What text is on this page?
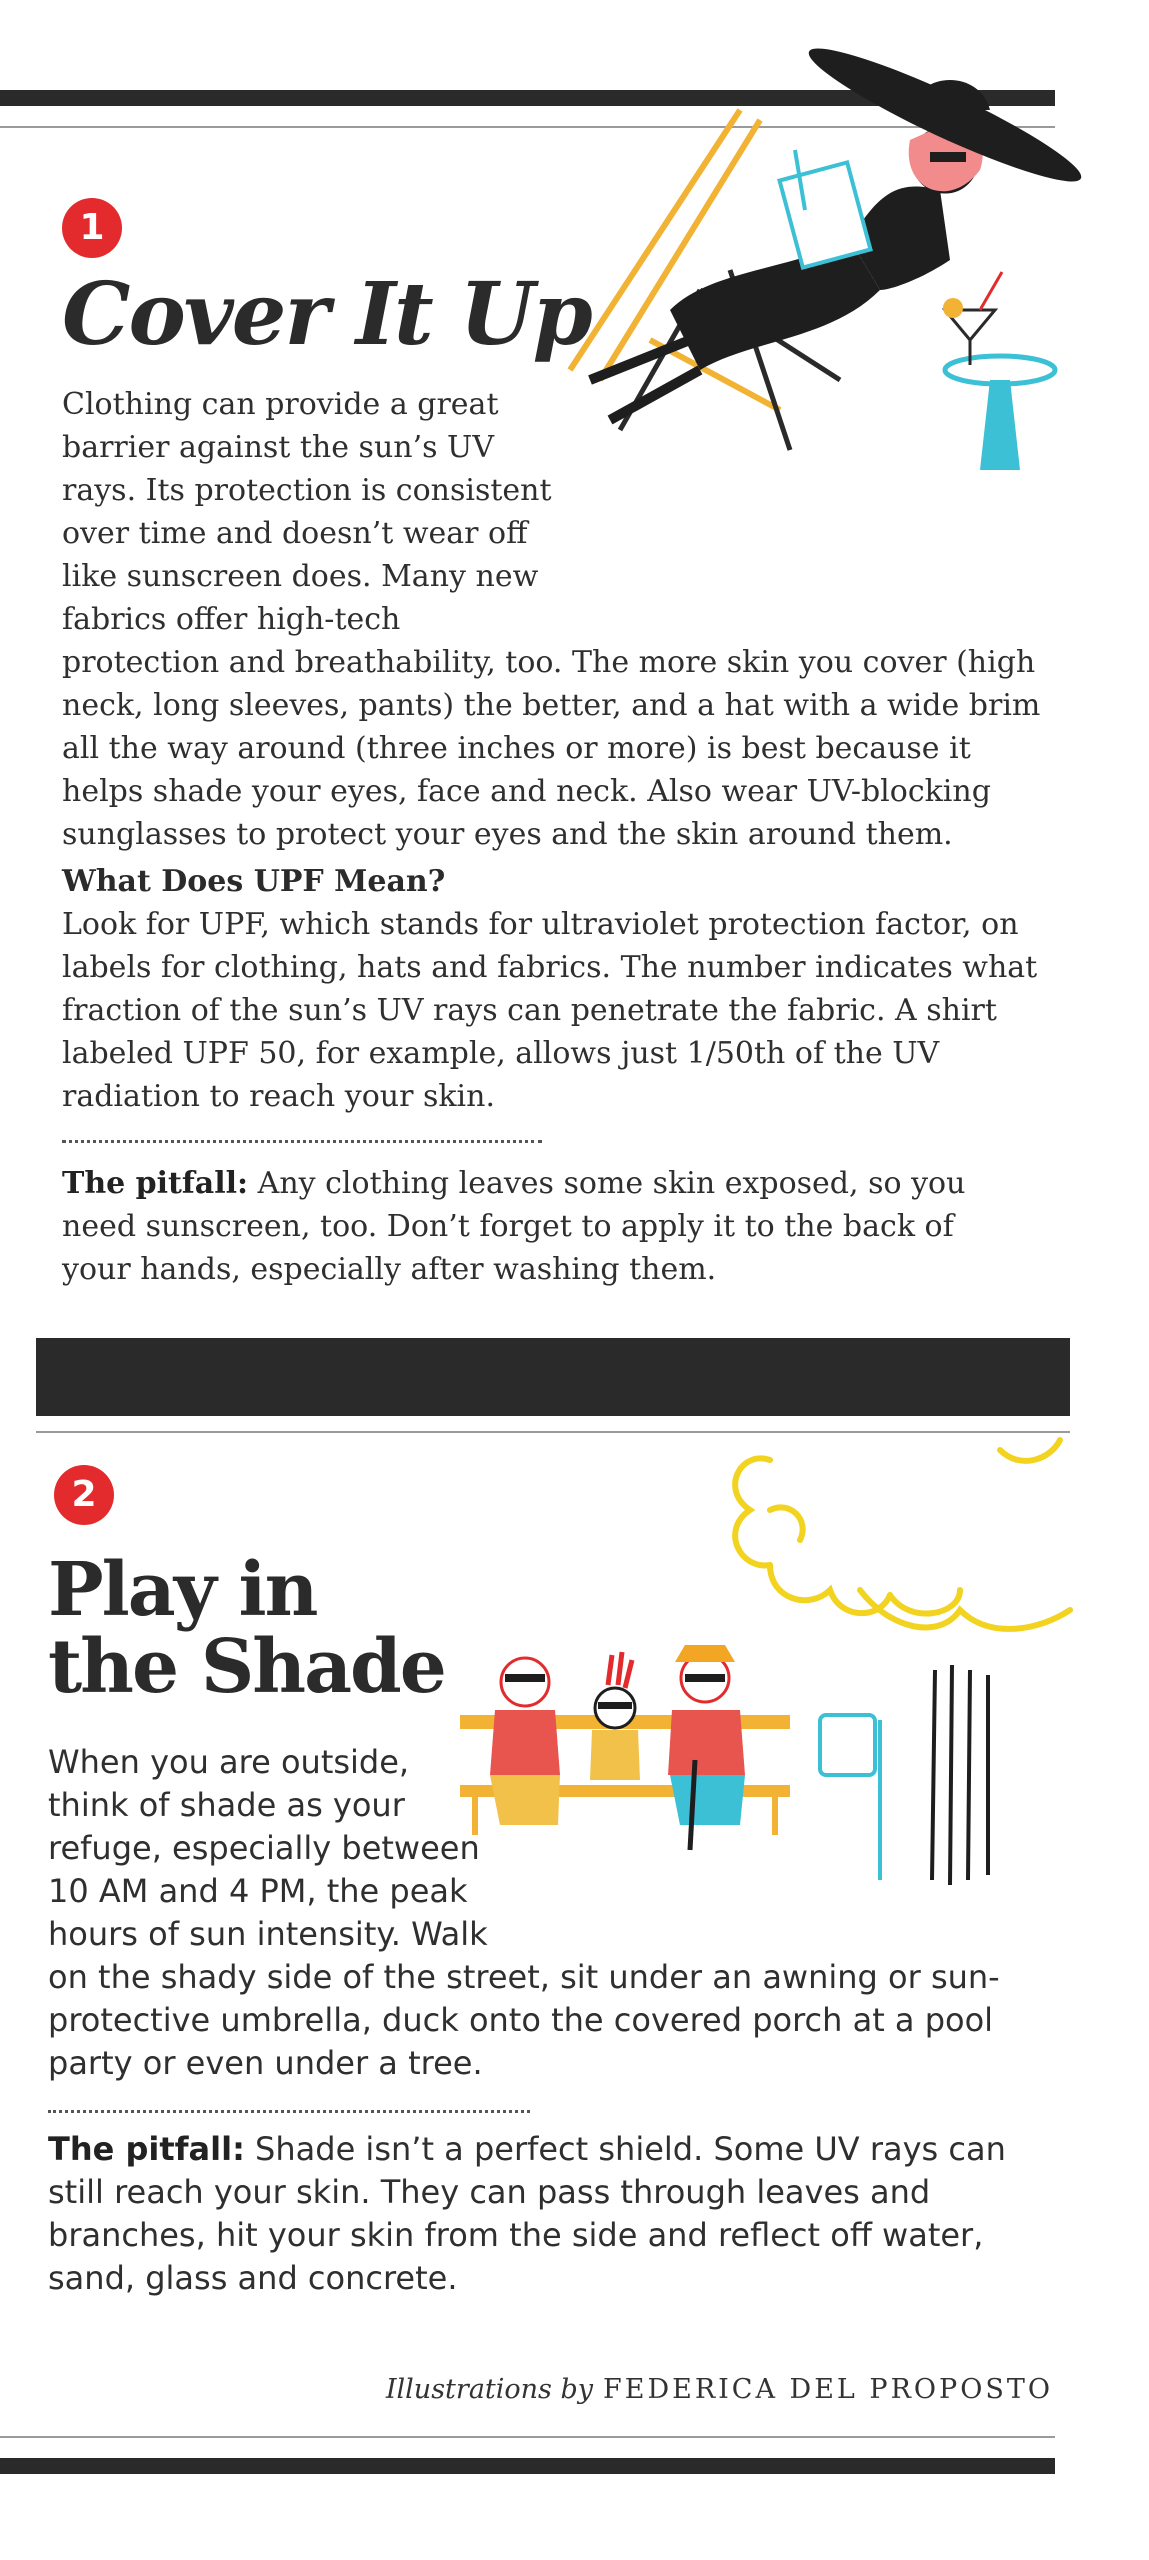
1
Cover It Up

Clothing can provide a great barrier against the sun’s UV rays. Its protection is consistent over time and doesn’t wear off like sunscreen does. Many new fabrics offer high-tech protection and breathability, too. The more skin you cover (high neck, long sleeves, pants) the better, and a hat with a wide brim all the way around (three inches or more) is best because it helps shade your eyes, face and neck. Also wear UV-blocking sunglasses to protect your eyes and the skin around them.

What Does UPF Mean?

Look for UPF, which stands for ultraviolet protection factor, on labels for clothing, hats and fabrics. The number indicates what fraction of the sun’s UV rays can penetrate the fabric. A shirt labeled UPF 50, for example, allows just 1/50th of the UV radiation to reach your skin.

The pitfall: Any clothing leaves some skin exposed, so you need sunscreen, too. Don’t forget to apply it to the back of your hands, especially after washing them.

2
Play in the Shade

When you are outside, think of shade as your refuge, especially between 10 AM and 4 PM, the peak hours of sun intensity. Walk on the shady side of the street, sit under an awning or sun-protective umbrella, duck onto the covered porch at a pool party or even under a tree.

The pitfall: Shade isn’t a perfect shield. Some UV rays can still reach your skin. They can pass through leaves and branches, hit your skin from the side and reflect off water, sand, glass and concrete.

Illustrations by FEDERICA DEL PROPOSTO
